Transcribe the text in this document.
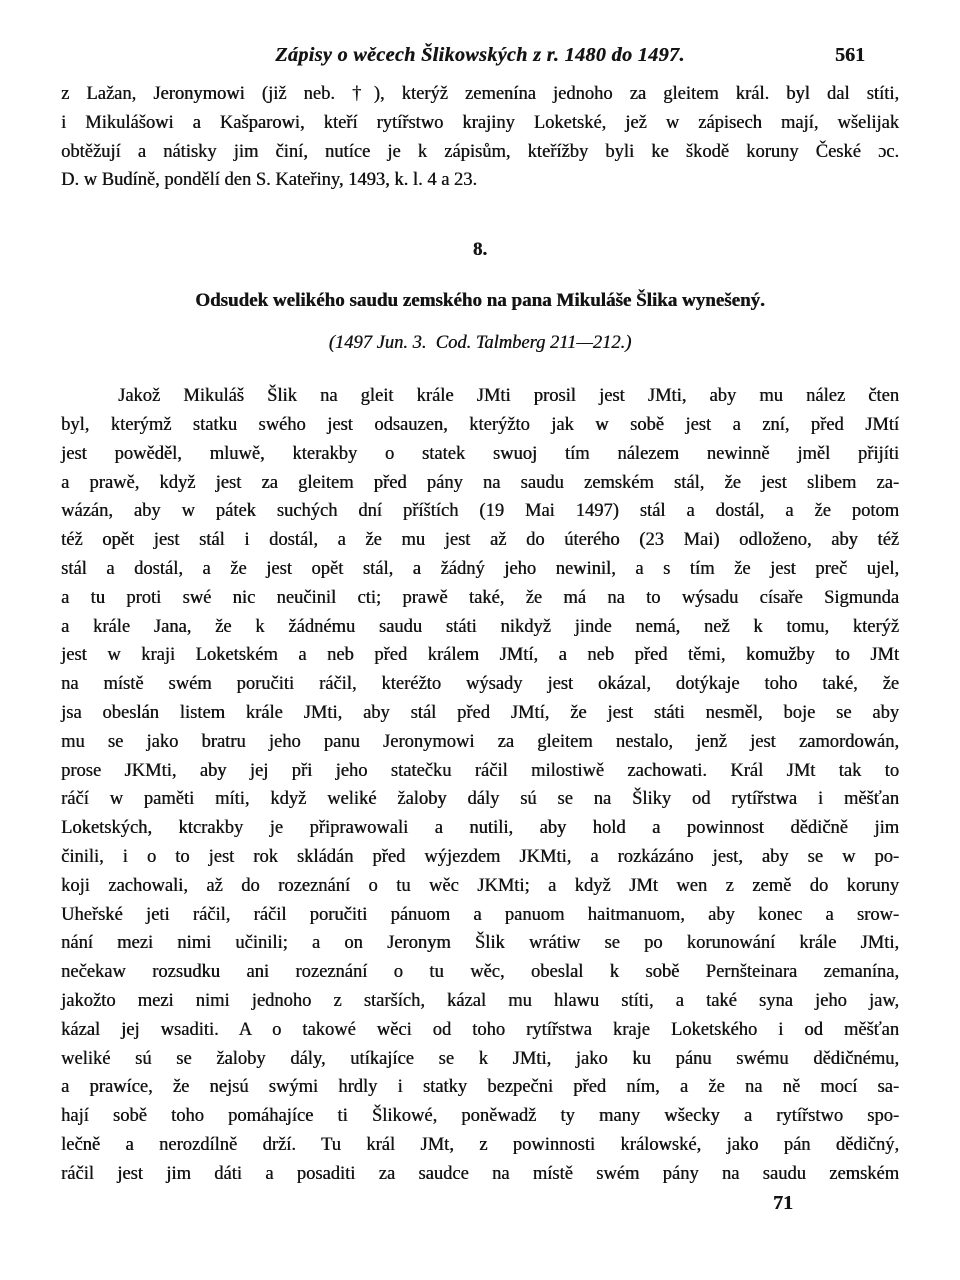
Zápisy o wěcech Šlikowských z r. 1480 do 1497.	561
z Lažan, Jeronymowi (již neb. †), kterýž zemenína jednoho za gleitem král. byl dal stíti,
i Mikulášowi a Kašparowi, kteří rytířstwo krajiny Loketské, jež w zápisech mají, wšelijak
obtěžují a nátisky jim činí, nutíce je k zápisům, kteřížby byli ke škodě koruny České ɔc.
D. w Budíně, pondělí den S. Kateřiny, 1493, k. l. 4 a 23.
8.
Odsudek welikého saudu zemského na pana Mikuláše Šlika wynešený.
(1497 Jun. 3.  Cod. Talmberg 211—212.)
Jakož Mikuláš Šlik na gleit krále JMti prosil jest JMti, aby mu nález čten
byl, kterýmž statku swého jest odsauzen, kterýžto jak w sobě jest a zní, před JMtí
jest powěděl, mluwě, kterakby o statek swuoj tím nálezem newinně jměl přijíti
a prawě, když jest za gleitem před pány na saudu zemském stál, že jest slibem za-
wázán, aby w pátek suchých dní příštích (19 Mai 1497) stál a dostál, a že potom
též opět jest stál i dostál, a že mu jest až do úterého (23 Mai) odloženo, aby též
stál a dostál, a že jest opět stál, a žádný jeho newinil, a s tím že jest preč ujel,
a tu proti swé nic neučinil cti; prawě také, že má na to wýsadu císaře Sigmunda
a krále Jana, že k žádnému saudu státi nikdyž jinde nemá, než k tomu, kterýž
jest w kraji Loketském a neb před králem JMtí, a neb před těmi, komužby to JMt
na místě swém poručiti ráčil, kteréžto wýsady jest okázal, dotýkaje toho také, že
jsa obeslán listem krále JMti, aby stál před JMtí, že jest státi nesměl, boje se aby
mu se jako bratru jeho panu Jeronymowi za gleitem nestalo, jenž jest zamordowán,
prose JKMti, aby jej při jeho statečku ráčil milostiwě zachowati. Král JMt tak to
ráčí w paměti míti, když weliké žaloby dály sú se na Šliky od rytířstwa i měšťan
Loketských, ktcrakby je připrawowali a nutili, aby hold a powinnost dědičně jim
činili, i o to jest rok skládán před wýjezdem JKMti, a rozkázáno jest, aby se w po-
koji zachowali, až do rozeznání o tu wěc JKMti; a když JMt wen z země do koruny
Uheřské jeti ráčil, ráčil poručiti pánuom a panuom haitmanuom, aby konec a srow-
nání mezi nimi učinili; a on Jeronym Šlik wrátiw se po korunowání krále JMti,
nečekaw rozsudku ani rozeznání o tu wěc, obeslal k sobě Pernšteinara zemanína,
jakožto mezi nimi jednoho z starších, kázal mu hlawu stíti, a také syna jeho jaw,
kázal jej wsaditi. A o takowé wěci od toho rytířstwa kraje Loketského i od měšťan
weliké sú se žaloby dály, utíkajíce se k JMti, jako ku pánu swému dědičnému,
a prawíce, že nejsú swými hrdly i statky bezpečni před ním, a že na ně mocí sa-
hají sobě toho pomáhajíce ti Šlikowé, poněwadž ty many wšecky a rytířstwo spo-
lečně a nerozdílně drží. Tu král JMt, z powinnosti králowské, jako pán dědičný,
ráčil jest jim dáti a posaditi za saudce na místě swém pány na saudu zemském
71
